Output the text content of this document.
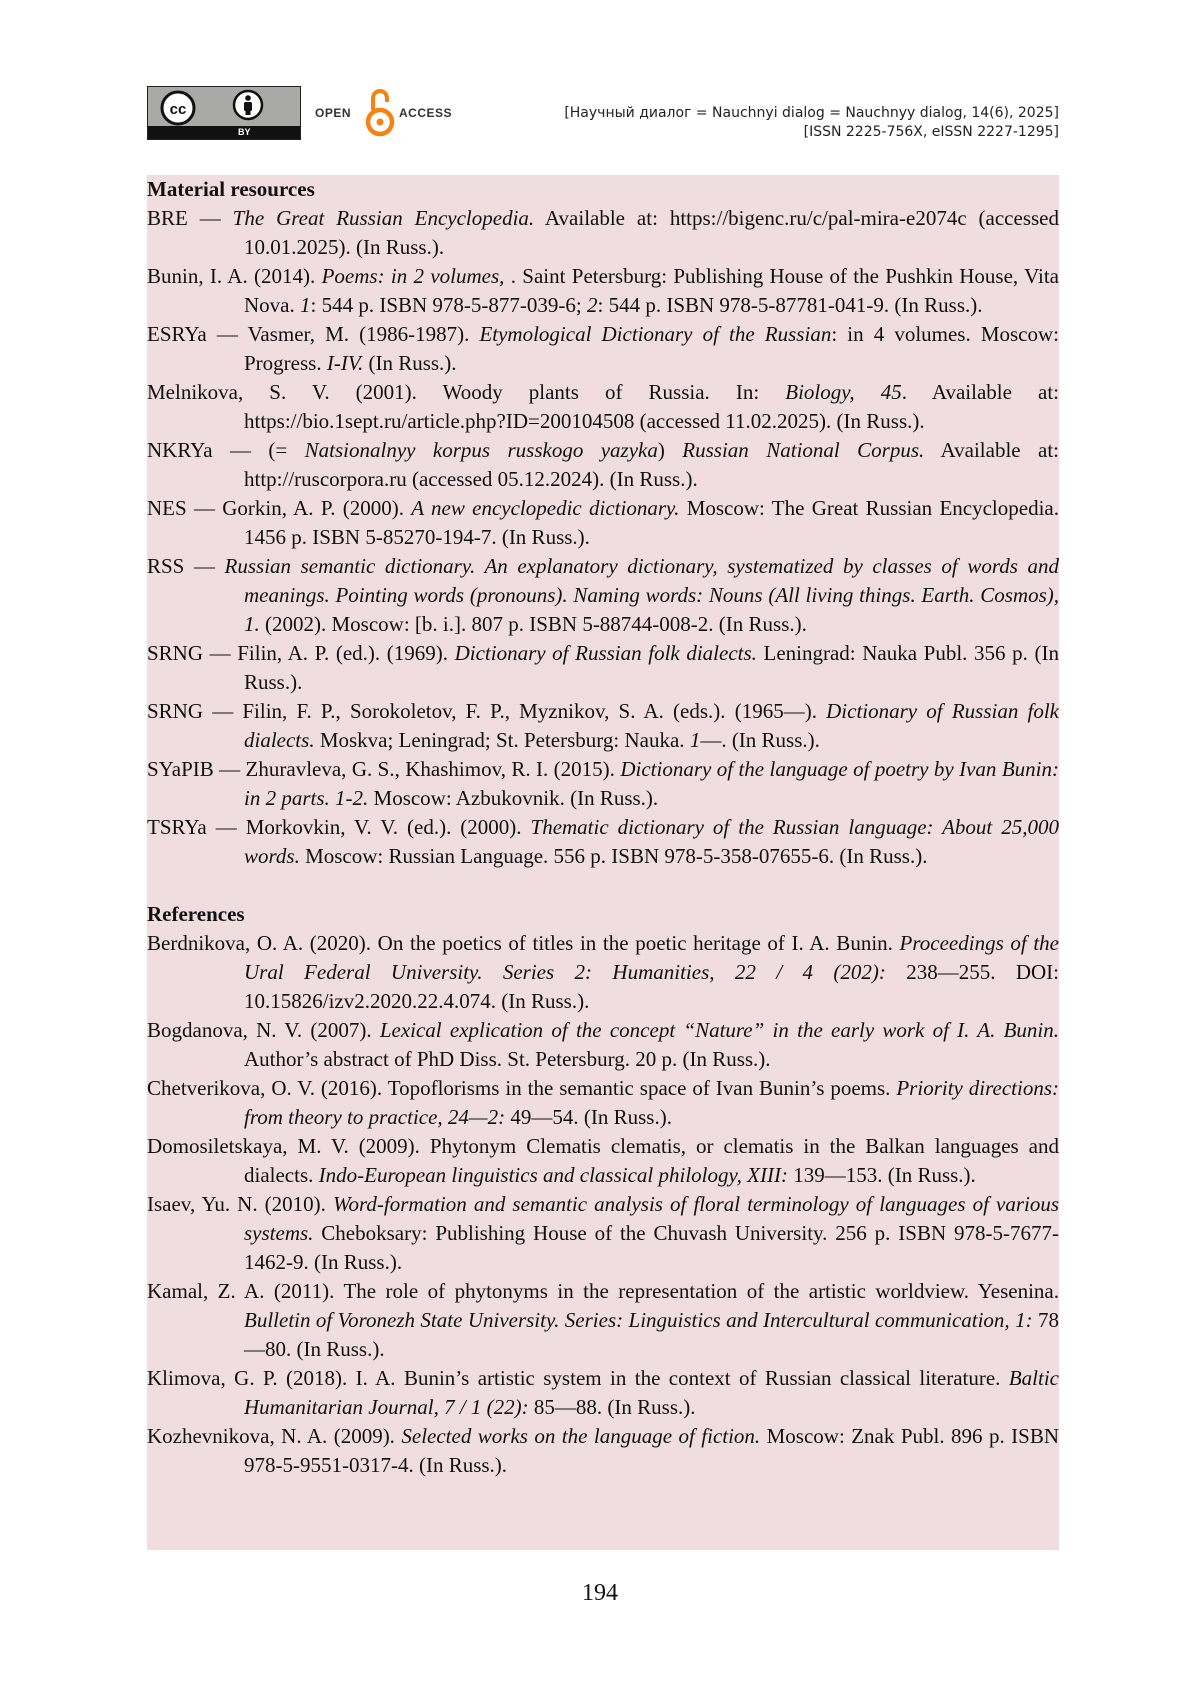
cc
BY
OPEN	ACCESS	[Научный диалог = Nauchnyi dialog = Nauchnyy dialog, 14(6), 2025]
[ISSN 2225-756X, eISSN 2227-1295]

Material resources

BRE — The Great Russian Encyclopedia. Available at: https://bigenc.ru/c/pal-mira-e2074c (accessed 10.01.2025). (In Russ.).

Bunin, I. A. (2014). Poems: in 2 volumes, . Saint Petersburg: Publishing House of the Pushkin House, Vita Nova. 1: 544 p. ISBN 978-5-877-039-6; 2: 544 p. ISBN 978-5-87781-041-9. (In Russ.).

ESRYa — Vasmer, M. (1986-1987). Etymological Dictionary of the Russian: in 4 volumes. Moscow: Progress. I-IV. (In Russ.).

Melnikova, S. V. (2001). Woody plants of Russia. In: Biology, 45. Available at: https://bio.1sept.ru/article.php?ID=200104508 (accessed 11.02.2025). (In Russ.).

NKRYa — (= Natsionalnyy korpus russkogo yazyka) Russian National Corpus. Available at: http://ruscorpora.ru (accessed 05.12.2024). (In Russ.).

NES — Gorkin, A. P. (2000). A new encyclopedic dictionary. Moscow: The Great Russian Encyclopedia. 1456 p. ISBN 5-85270-194-7. (In Russ.).

RSS — Russian semantic dictionary. An explanatory dictionary, systematized by classes of words and meanings. Pointing words (pronouns). Naming words: Nouns (All living things. Earth. Cosmos), 1. (2002). Moscow: [b. i.]. 807 p. ISBN 5-88744-008-2. (In Russ.).

SRNG — Filin, A. P. (ed.). (1969). Dictionary of Russian folk dialects. Leningrad: Nauka Publ. 356 p. (In Russ.).

SRNG — Filin, F. P., Sorokoletov, F. P., Myznikov, S. A. (eds.). (1965—). Dictionary of Russian folk dialects. Moskva; Leningrad; St. Petersburg: Nauka. 1—. (In Russ.).

SYaPIB — Zhuravleva, G. S., Khashimov, R. I. (2015). Dictionary of the language of poetry by Ivan Bunin: in 2 parts. 1-2. Moscow: Azbukovnik. (In Russ.).

TSRYa — Morkovkin, V. V. (ed.). (2000). Thematic dictionary of the Russian language: About 25,000 words. Moscow: Russian Language. 556 p. ISBN 978-5-358-07655-6. (In Russ.).

References

Berdnikova, O. A. (2020). On the poetics of titles in the poetic heritage of I. A. Bunin. Proceedings of the Ural Federal University. Series 2: Humanities, 22 / 4 (202): 238—255. DOI: 10.15826/izv2.2020.22.4.074. (In Russ.).

Bogdanova, N. V. (2007). Lexical explication of the concept “Nature” in the early work of I. A. Bunin. Author’s abstract of PhD Diss. St. Petersburg. 20 p. (In Russ.).

Chetverikova, O. V. (2016). Topoflorisms in the semantic space of Ivan Bunin’s poems. Priority directions: from theory to practice, 24—2: 49—54. (In Russ.).

Domosiletskaya, M. V. (2009). Phytonym Clematis clematis, or clematis in the Balkan languages and dialects. Indo-European linguistics and classical philology, XIII: 139—153. (In Russ.).

Isaev, Yu. N. (2010). Word-formation and semantic analysis of floral terminology of languages of various systems. Cheboksary: Publishing House of the Chuvash University. 256 p. ISBN 978-5-7677-1462-9. (In Russ.).

Kamal, Z. A. (2011). The role of phytonyms in the representation of the artistic worldview. Yesenina. Bulletin of Voronezh State University. Series: Linguistics and Intercultural communication, 1: 78—80. (In Russ.).

Klimova, G. P. (2018). I. A. Bunin’s artistic system in the context of Russian classical literature. Baltic Humanitarian Journal, 7 / 1 (22): 85—88. (In Russ.).

Kozhevnikova, N. A. (2009). Selected works on the language of fiction. Moscow: Znak Publ. 896 p. ISBN 978-5-9551-0317-4. (In Russ.).

194
